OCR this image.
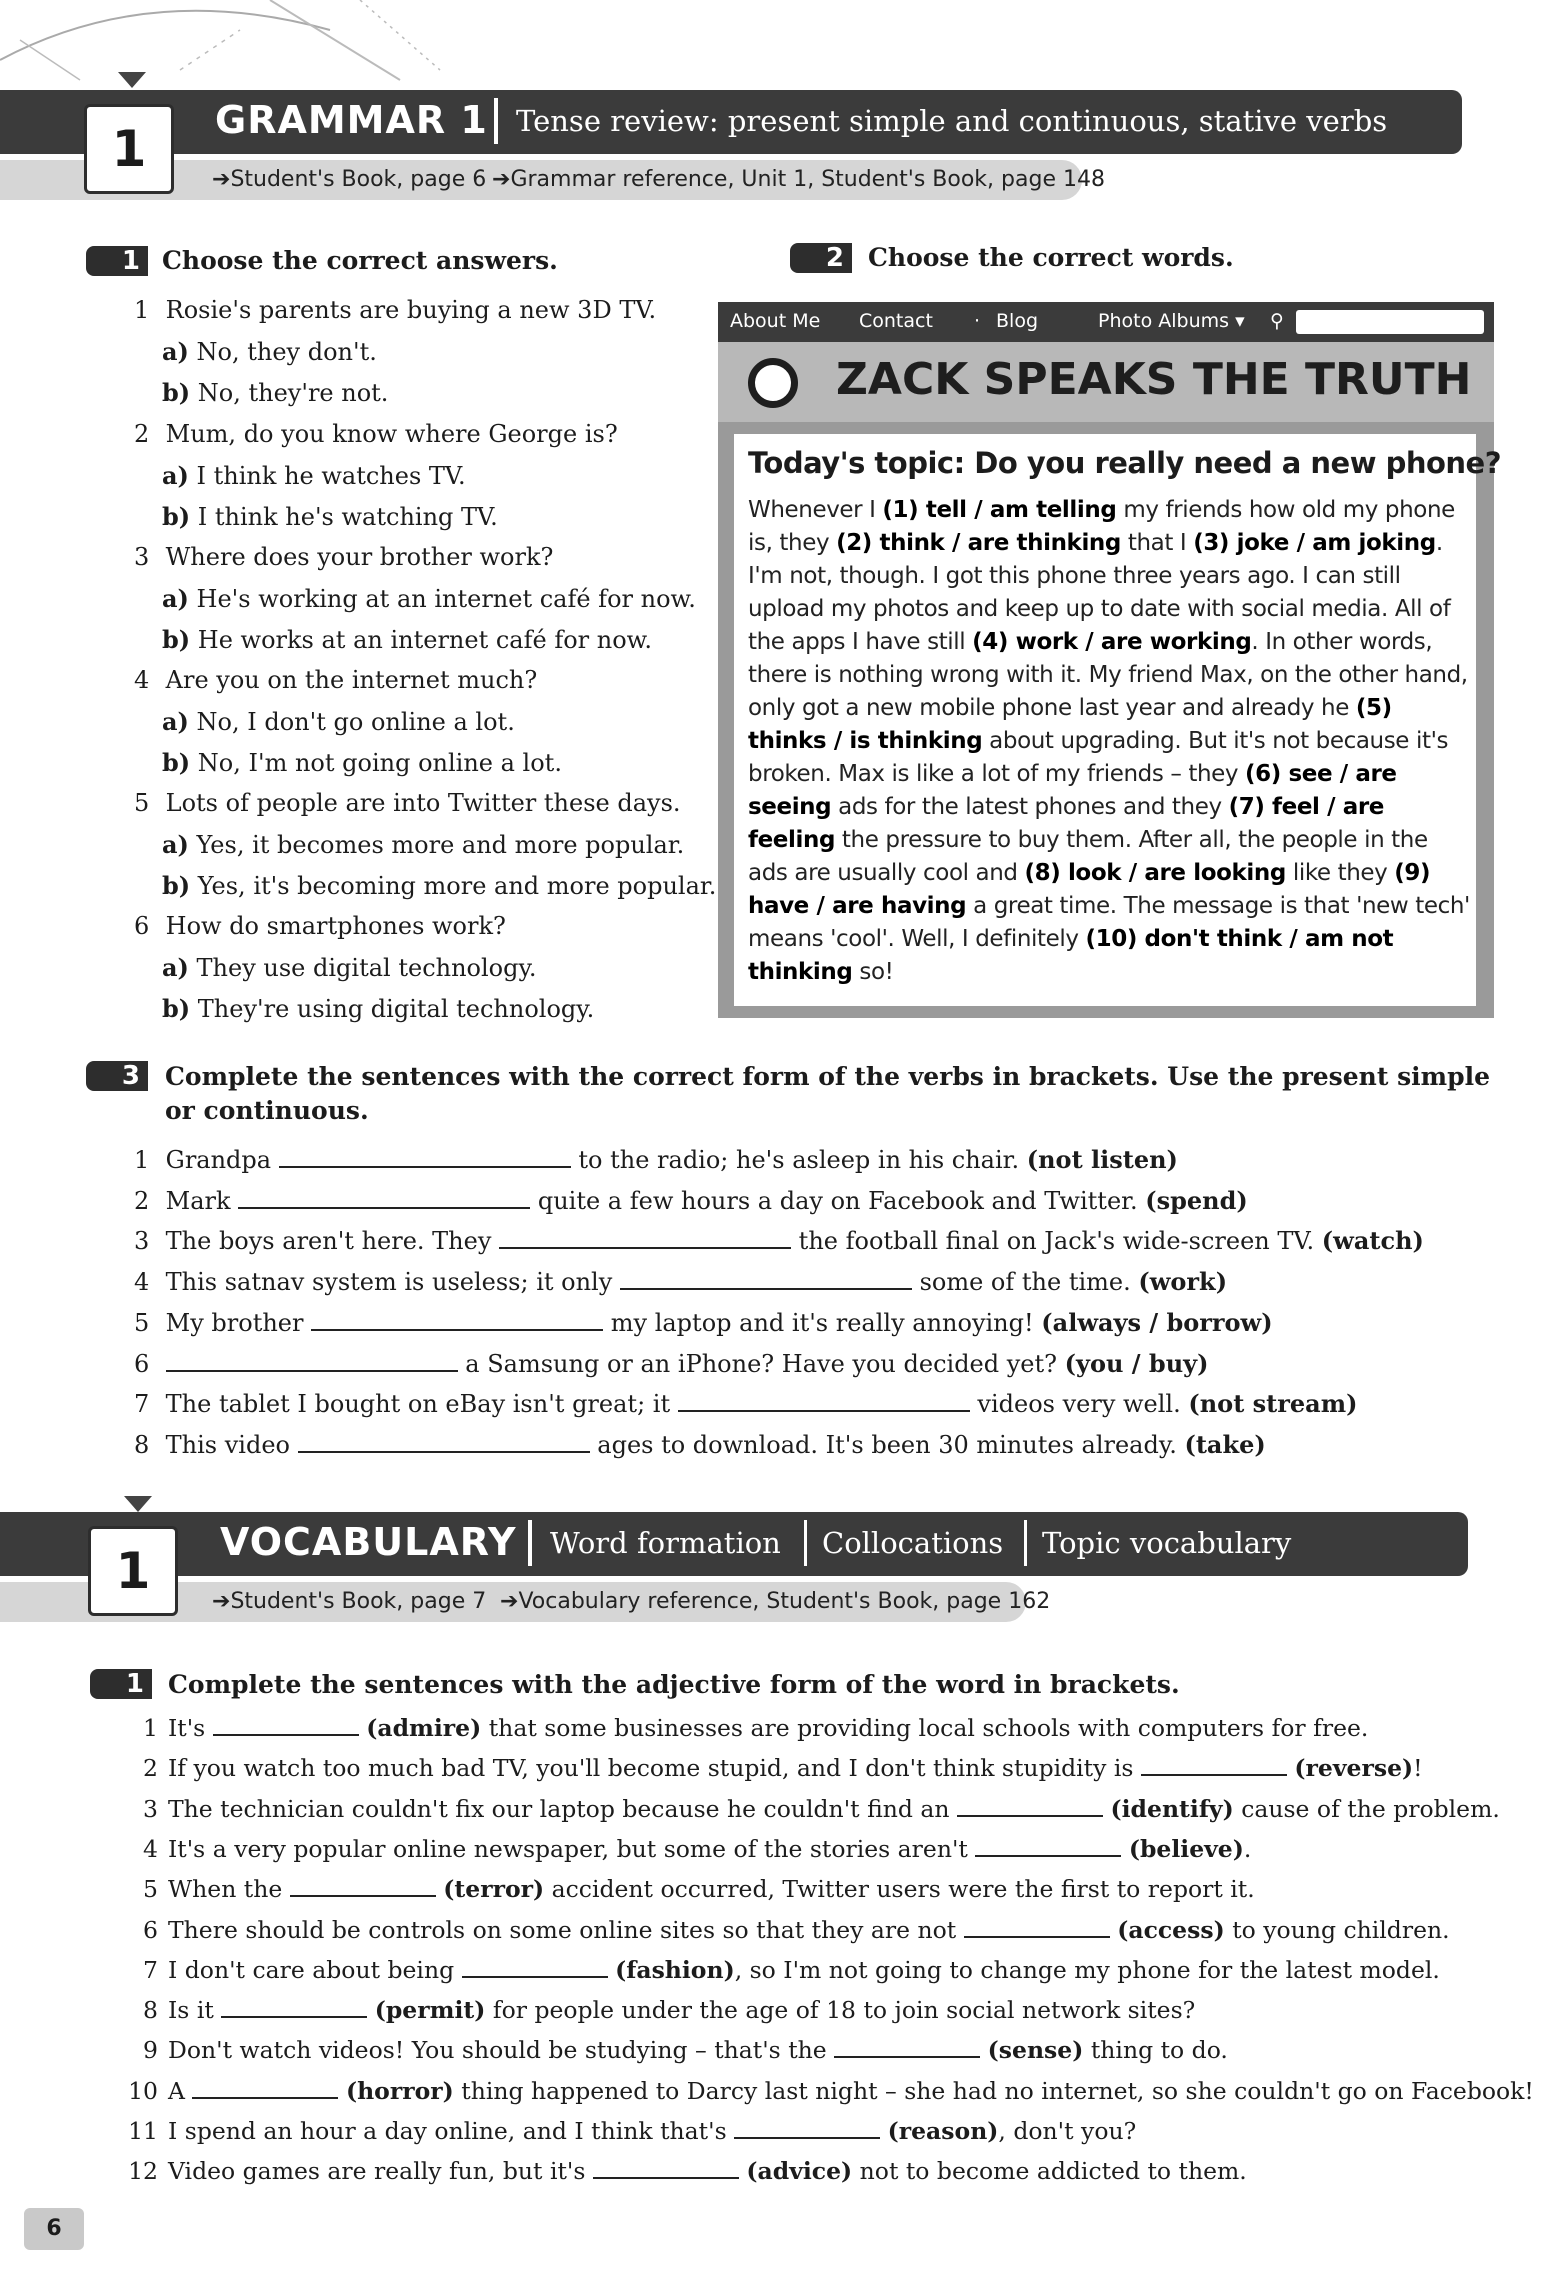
GRAMMAR 1 Tense review: present simple and continuous, stative verbs
➔Student's Book, page 6 ➔Grammar reference, Unit 1, Student's Book, page 148
1
1 Choose the correct answers.
1 Rosie's parents are buying a new 3D TV.
a) No, they don't.
b) No, they're not.
2 Mum, do you know where George is?
a) I think he watches TV.
b) I think he's watching TV.
3 Where does your brother work?
a) He's working at an internet café for now.
b) He works at an internet café for now.
4 Are you on the internet much?
a) No, I don't go online a lot.
b) No, I'm not going online a lot.
5 Lots of people are into Twitter these days.
a) Yes, it becomes more and more popular.
b) Yes, it's becoming more and more popular.
6 How do smartphones work?
a) They use digital technology.
b) They're using digital technology.
2 Choose the correct words.
About Me Contact · Blog	Photo Albums ▾ ⚲
ZACK SPEAKS THE TRUTH
Today's topic: Do you really need a new phone?
Whenever I (1) tell / am telling my friends how old my phone is, they (2) think / are thinking that I (3) joke / am joking. I'm not, though. I got this phone three years ago. I can still upload my photos and keep up to date with social media. All of the apps I have still (4) work / are working. In other words, there is nothing wrong with it. My friend Max, on the other hand, only got a new mobile phone last year and already he (5) thinks / is thinking about upgrading. But it's not because it's broken. Max is like a lot of my friends – they (6) see / are seeing ads for the latest phones and they (7) feel / are feeling the pressure to buy them. After all, the people in the ads are usually cool and (8) look / are looking like they (9) have / are having a great time. The message is that 'new tech' means 'cool'. Well, I definitely (10) don't think / am not thinking so!
3	Complete the sentences with the correct form of the verbs in brackets. Use the present simple
or continuous.
1 Grandpa	to the radio; he's asleep in his chair. (not listen)
2 Mark	quite a few hours a day on Facebook and Twitter. (spend)
3 The boys aren't here. They	the football final on Jack's wide-screen TV. (watch)
4 This satnav system is useless; it only	some of the time. (work)
5 My brother	my laptop and it's really annoying! (always / borrow)
6	a Samsung or an iPhone? Have you decided yet? (you / buy)
7 The tablet I bought on eBay isn't great; it	videos very well. (not stream)
8 This video	ages to download. It's been 30 minutes already. (take)
VOCABULARY Word formation Collocations Topic vocabulary
➔Student's Book, page 7 ➔Vocabulary reference, Student's Book, page 162
1
1 Complete the sentences with the adjective form of the word in brackets.
1 It's	(admire) that some businesses are providing local schools with computers for free.
2 If you watch too much bad TV, you'll become stupid, and I don't think stupidity is	(reverse)!
3 The technician couldn't fix our laptop because he couldn't find an	(identify) cause of the problem.
4 It's a very popular online newspaper, but some of the stories aren't	(believe).
5 When the	(terror) accident occurred, Twitter users were the first to report it.
6 There should be controls on some online sites so that they are not	(access) to young children.
7 I don't care about being	(fashion), so I'm not going to change my phone for the latest model.
8 Is it	(permit) for people under the age of 18 to join social network sites?
9 Don't watch videos! You should be studying – that's the	(sense) thing to do.
10 A	(horror) thing happened to Darcy last night – she had no internet, so she couldn't go on Facebook!
11 I spend an hour a day online, and I think that's	(reason), don't you?
12 Video games are really fun, but it's	(advice) not to become addicted to them.
6
